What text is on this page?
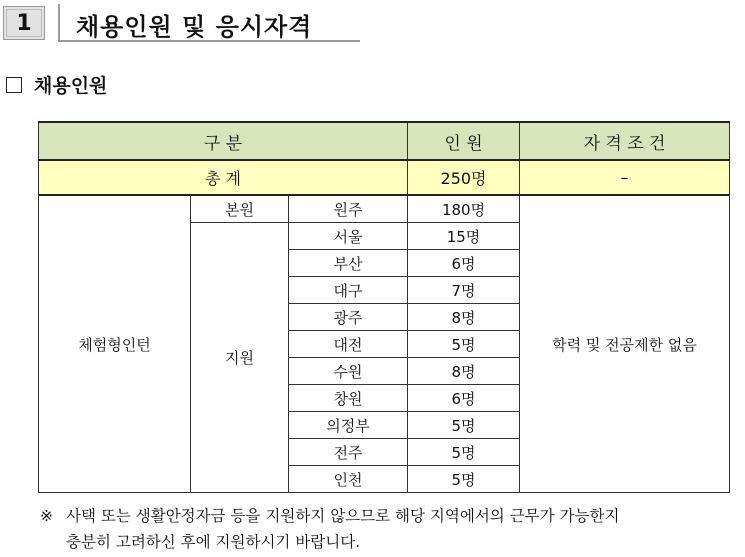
1	채용인원 및 응시자격
채용인원
구 분			인 원	자 격 조 건
총 계			250명	–
체험형인턴	본원	원주	180명	학력 및 전공제한 없음
	지원	서울	15명	
		부산	6명	
		대구	7명	
		광주	8명	
		대전	5명	
		수원	8명	
		창원	6명	
		의정부	5명	
		전주	5명	
		인천	5명	
※ 사택 또는 생활안정자금 등을 지원하지 않으므로 해당 지역에서의 근무가 가능한지
충분히 고려하신 후에 지원하시기 바랍니다.
